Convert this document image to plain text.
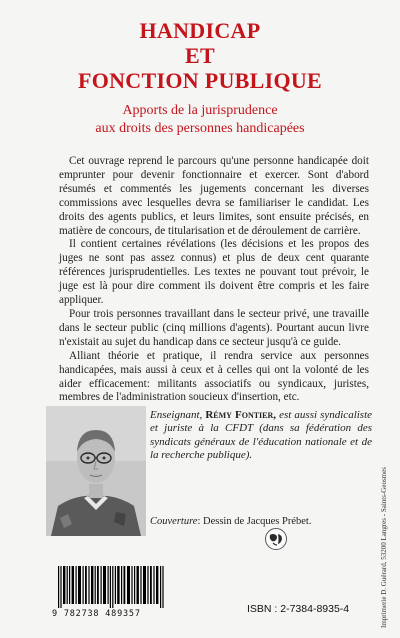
HANDICAP
ET
FONCTION PUBLIQUE
Apports de la jurisprudence
aux droits des personnes handicapées

Cet ouvrage reprend le parcours qu'une personne handicapée doit emprunter pour devenir fonctionnaire et exercer. Sont d'abord résumés et commentés les jugements concernant les diverses commissions avec lesquelles devra se familiariser le candidat. Les droits des agents publics, et leurs limites, sont ensuite précisés, en matière de concours, de titularisation et de déroulement de carrière.

Il contient certaines révélations (les décisions et les propos des juges ne sont pas assez connus) et plus de deux cent quarante références jurisprudentielles. Les textes ne pouvant tout prévoir, le juge est là pour dire comment ils doivent être compris et les faire appliquer.

Pour trois personnes travaillant dans le secteur privé, une travaille dans le secteur public (cinq millions d'agents). Pourtant aucun livre n'existait au sujet du handicap dans ce secteur jusqu'à ce guide.

Alliant théorie et pratique, il rendra service aux personnes handicapées, mais aussi à ceux et à celles qui ont la volonté de les aider efficacement: militants associatifs ou syndicaux, juristes, membres de l'administration soucieux d'insertion, etc.

Enseignant, Rémy Fontier, est aussi syndicaliste et juriste à la CFDT (dans sa fédération des syndicats généraux de l'éducation nationale et de la recherche publique).
Couverture: Dessin de Jacques Prébet.
9 782738 489357	ISBN : 2-7384-8935-4	Imprimerie D. Guérard, 53200 Langres - Saints-Geosmes
